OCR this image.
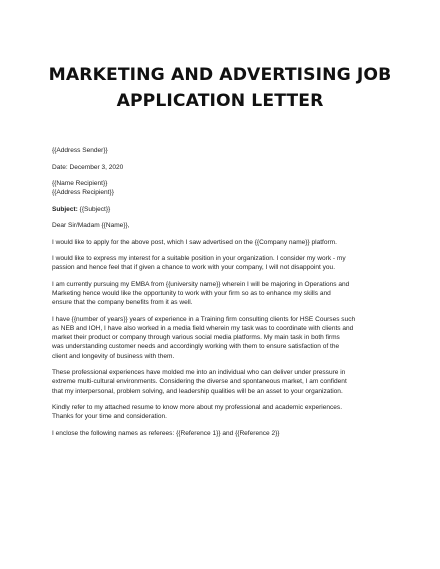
MARKETING AND ADVERTISING JOB
APPLICATION LETTER

{{Address Sender}}

Date: December 3, 2020

{{Name Recipient}}
{{Address Recipient}}

Subject: {{Subject}}

Dear Sir/Madam {{Name}},

I would like to apply for the above post, which I saw advertised on the {{Company name}} platform.

I would like to express my interest for a suitable position in your organization. I consider my work - my
passion and hence feel that if given a chance to work with your company, I will not disappoint you.

I am currently pursuing my EMBA from {{university name}} wherein I will be majoring in Operations and
Marketing hence would like the opportunity to work with your firm so as to enhance my skills and
ensure that the company benefits from it as well.

I have {{number of years}} years of experience in a Training firm consulting clients for HSE Courses such
as NEB and IOH, I have also worked in a media field wherein my task was to coordinate with clients and
market their product or company through various social media platforms. My main task in both firms
was understanding customer needs and accordingly working with them to ensure satisfaction of the
client and longevity of business with them.

These professional experiences have molded me into an individual who can deliver under pressure in
extreme multi-cultural environments. Considering the diverse and spontaneous market, I am confident
that my interpersonal, problem solving, and leadership qualities will be an asset to your organization.

Kindly refer to my attached resume to know more about my professional and academic experiences.
Thanks for your time and consideration.

I enclose the following names as referees: {{Reference 1}} and {{Reference 2}}
